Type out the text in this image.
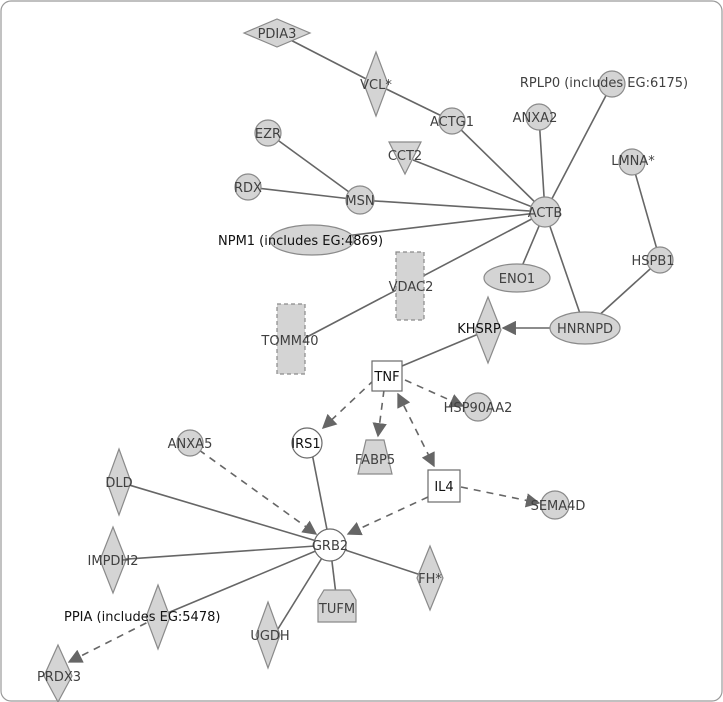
PDIA3
VCL*
ACTG1
RPLP0 (includes EG:6175)
ANXA2
EZR
CCT2	LMNA*
RDX
MSN
ACTB
NPM1 (includes EG:4869)
HSPB1
VDAC2
ENO1
TOMM40
KHSRP	HNRNPD
TNF
HSP90AA2
ANXA5	IRS1
FABP5
IL4
DLD
SEMA4D
GRB2
IMPDH2
FH*
TUFM
PPIA (includes EG:5478)
UGDH
PRDX3
